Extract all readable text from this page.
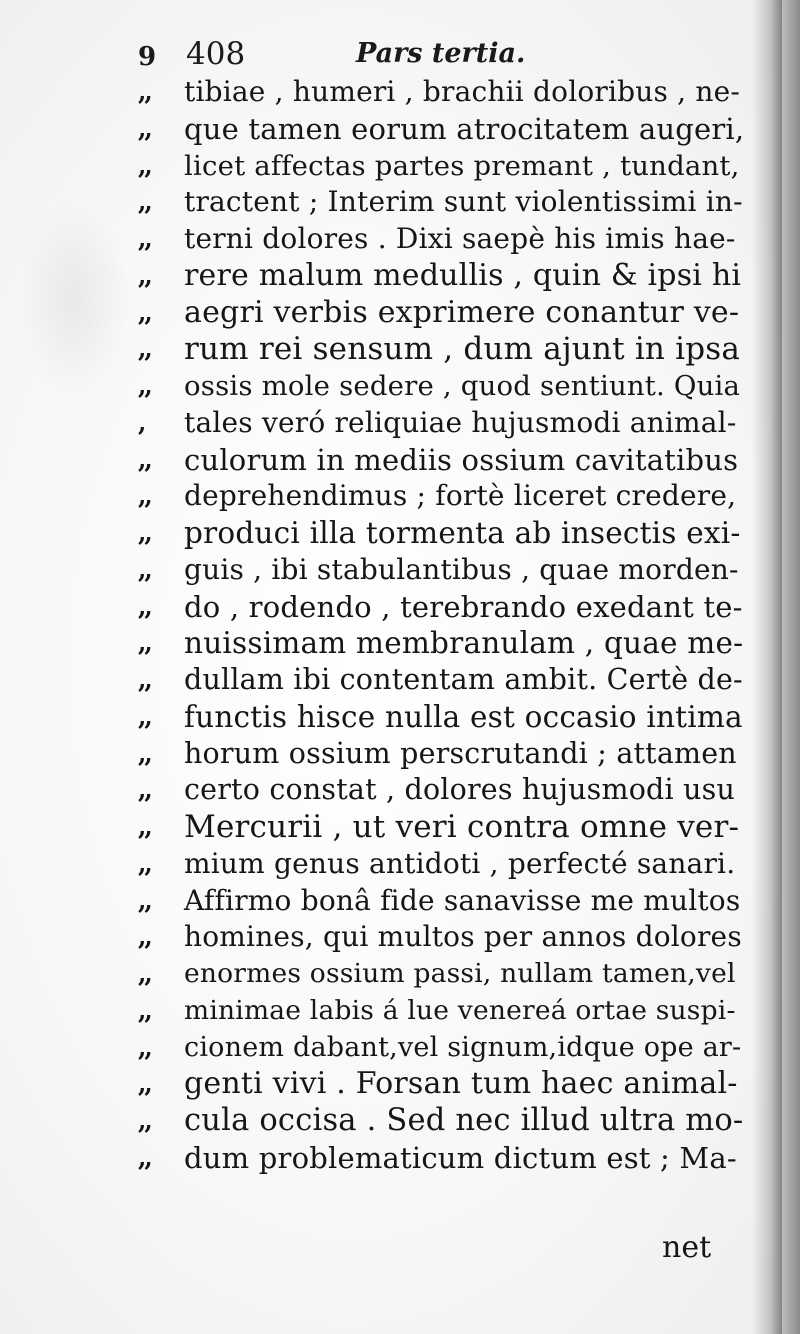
9 408	Pars tertia.
,,	tibiae , humeri , brachii doloribus , ne-
,,	que tamen eorum atrocitatem augeri,
,,	licet affectas partes premant , tundant,
,,	tractent ; Interim sunt violentissimi in-
,,	terni dolores . Dixi saepè his imis hae-
,,	rere malum medullis , quin & ipsi hi
,,	aegri verbis exprimere conantur ve-
,,	rum rei sensum , dum ajunt in ipsa
,,	ossis mole sedere , quod sentiunt. Quia
,	tales veró reliquiae hujusmodi animal-
,,	culorum in mediis ossium cavitatibus
,,	deprehendimus ; fortè liceret credere,
,,	produci illa tormenta ab insectis exi-
,,	guis , ibi stabulantibus , quae morden-
,,	do , rodendo , terebrando exedant te-
,,	nuissimam membranulam , quae me-
,,	dullam ibi contentam ambit. Certè de-
,,	functis hisce nulla est occasio intima
,,	horum ossium perscrutandi ; attamen
,,	certo constat , dolores hujusmodi usu
,,	Mercurii , ut veri contra omne ver-
,,	mium genus antidoti , perfecté sanari.
,,	Affirmo bonâ fide sanavisse me multos
,,	homines, qui multos per annos dolores
,,	enormes ossium passi, nullam tamen,vel
,,	minimae labis á lue venereá ortae suspi-
,,	cionem dabant,vel signum,idque ope ar-
,,	genti vivi . Forsan tum haec animal-
,,	cula occisa . Sed nec illud ultra mo-
,,	dum problematicum dictum est ; Ma-
net
